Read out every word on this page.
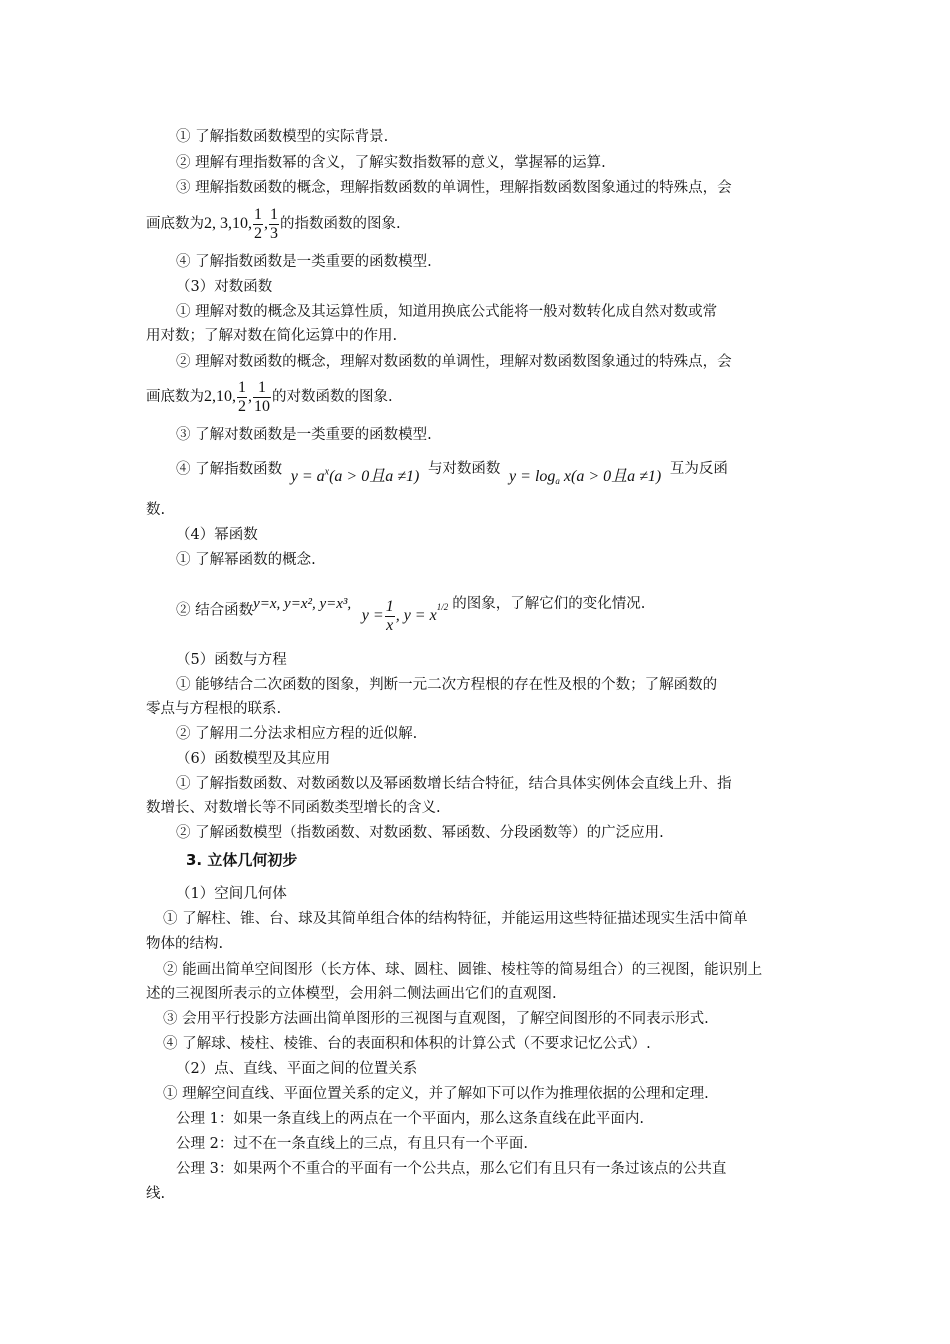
① 了解指数函数模型的实际背景.
② 理解有理指数幂的含义，了解实数指数幂的意义，掌握幂的运算.
③ 理解指数函数的概念，理解指数函数的单调性，理解指数函数图象通过的特殊点，会
画底数为2, 3,10, $\frac{1}{2}$ , $\frac{1}{3}$ 的指数函数的图象.
④ 了解指数函数是一类重要的函数模型.
（3）对数函数
① 理解对数的概念及其运算性质，知道用换底公式能将一般对数转化成自然对数或常
用对数；了解对数在简化运算中的作用.
② 理解对数函数的概念，理解对数函数的单调性，理解对数函数图象通过的特殊点，会
画底数为2,10, $\frac{1}{2}$ , $\frac{1}{10}$ 的对数函数的图象.
③ 了解对数函数是一类重要的函数模型.
④ 了解指数函数 $y = a^x(a > 0$且a ≠1) 与对数函数 $y = \log_a x(a > 0$且a ≠1) 互为反函
数.
（4）幂函数
① 了解幂函数的概念.
② 结合函数y=x, y=x², y=x³, $y = \frac{1}{x}$ , $y = x^{1/2}$ 的图象，了解它们的变化情况.
（5）函数与方程
① 能够结合二次函数的图象，判断一元二次方程根的存在性及根的个数；了解函数的
零点与方程根的联系.
② 了解用二分法求相应方程的近似解.
（6）函数模型及其应用
① 了解指数函数、对数函数以及幂函数增长结合特征，结合具体实例体会直线上升、指
数增长、对数增长等不同函数类型增长的含义.
② 了解函数模型（指数函数、对数函数、幂函数、分段函数等）的广泛应用.
3. 立体几何初步
（1）空间几何体
① 了解柱、锥、台、球及其简单组合体的结构特征，并能运用这些特征描述现实生活中简单
物体的结构.
② 能画出简单空间图形（长方体、球、圆柱、圆锥、棱柱等的简易组合）的三视图，能识别上
述的三视图所表示的立体模型，会用斜二侧法画出它们的直观图.
③ 会用平行投影方法画出简单图形的三视图与直观图，了解空间图形的不同表示形式.
④ 了解球、棱柱、棱锥、台的表面积和体积的计算公式（不要求记忆公式）.
（2）点、直线、平面之间的位置关系
① 理解空间直线、平面位置关系的定义，并了解如下可以作为推理依据的公理和定理.
公理 1：如果一条直线上的两点在一个平面内，那么这条直线在此平面内.
公理 2：过不在一条直线上的三点，有且只有一个平面.
公理 3：如果两个不重合的平面有一个公共点，那么它们有且只有一条过该点的公共直
线.
